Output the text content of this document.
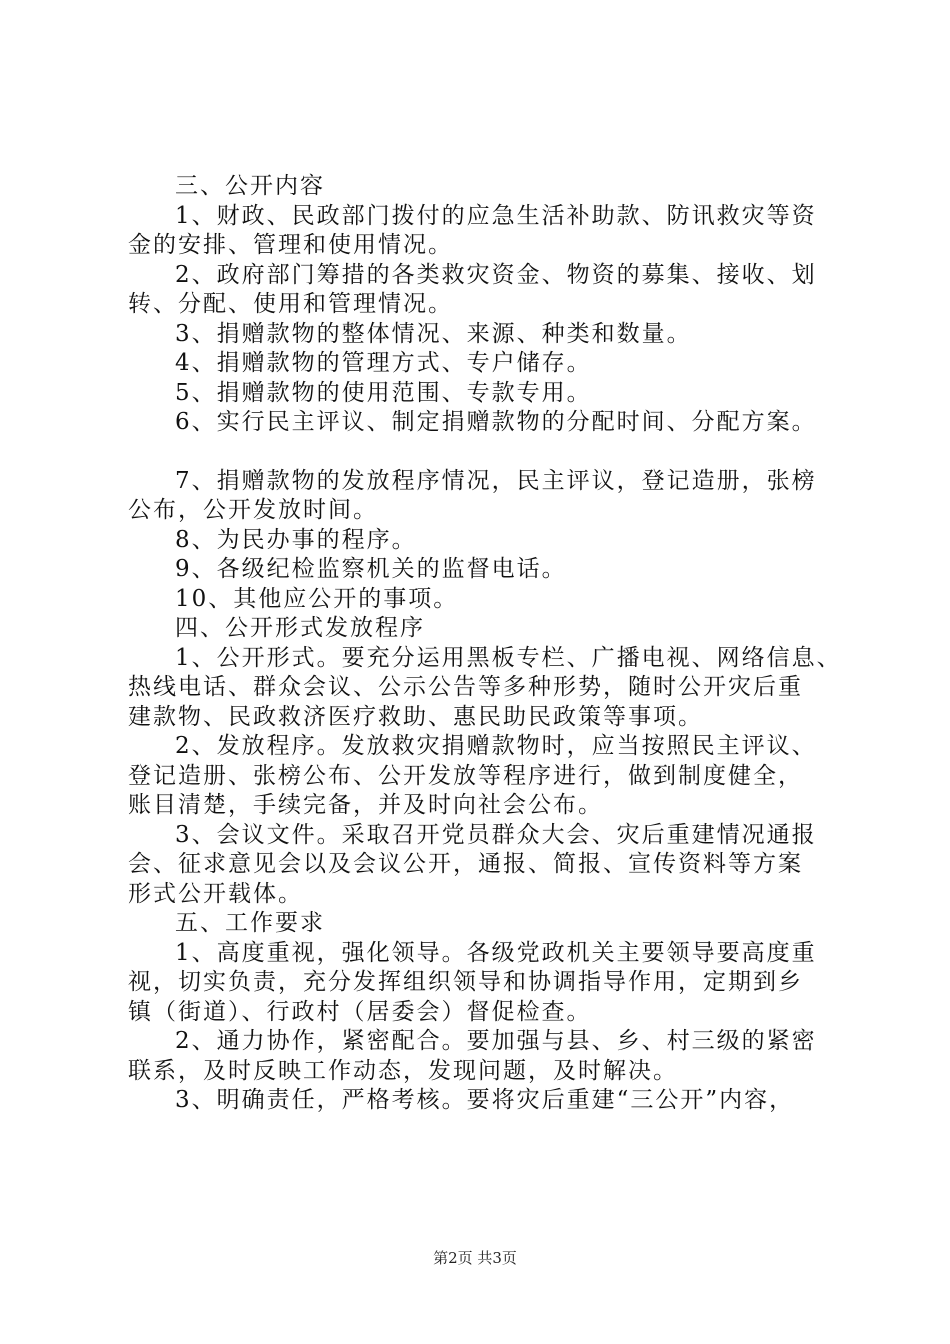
三、公开内容
1、财政、民政部门拨付的应急生活补助款、防讯救灾等资
金的安排、管理和使用情况。
2、政府部门筹措的各类救灾资金、物资的募集、接收、划
转、分配、使用和管理情况。
3、捐赠款物的整体情况、来源、种类和数量。
4、捐赠款物的管理方式、专户储存。
5、捐赠款物的使用范围、专款专用。
6、实行民主评议、制定捐赠款物的分配时间、分配方案。
7、捐赠款物的发放程序情况，民主评议，登记造册，张榜
公布，公开发放时间。
8、为民办事的程序。
9、各级纪检监察机关的监督电话。
10、其他应公开的事项。
四、公开形式发放程序
1、公开形式。要充分运用黑板专栏、广播电视、网络信息、
热线电话、群众会议、公示公告等多种形势，随时公开灾后重
建款物、民政救济医疗救助、惠民助民政策等事项。
2、发放程序。发放救灾捐赠款物时，应当按照民主评议、
登记造册、张榜公布、公开发放等程序进行，做到制度健全，
账目清楚，手续完备，并及时向社会公布。
3、会议文件。采取召开党员群众大会、灾后重建情况通报
会、征求意见会以及会议公开，通报、简报、宣传资料等方案
形式公开载体。
五、工作要求
1、高度重视，强化领导。各级党政机关主要领导要高度重
视，切实负责，充分发挥组织领导和协调指导作用，定期到乡
镇（街道）、行政村（居委会）督促检查。
2、通力协作，紧密配合。要加强与县、乡、村三级的紧密
联系，及时反映工作动态，发现问题，及时解决。
3、明确责任，严格考核。要将灾后重建“三公开”内容，
第2页 共3页
